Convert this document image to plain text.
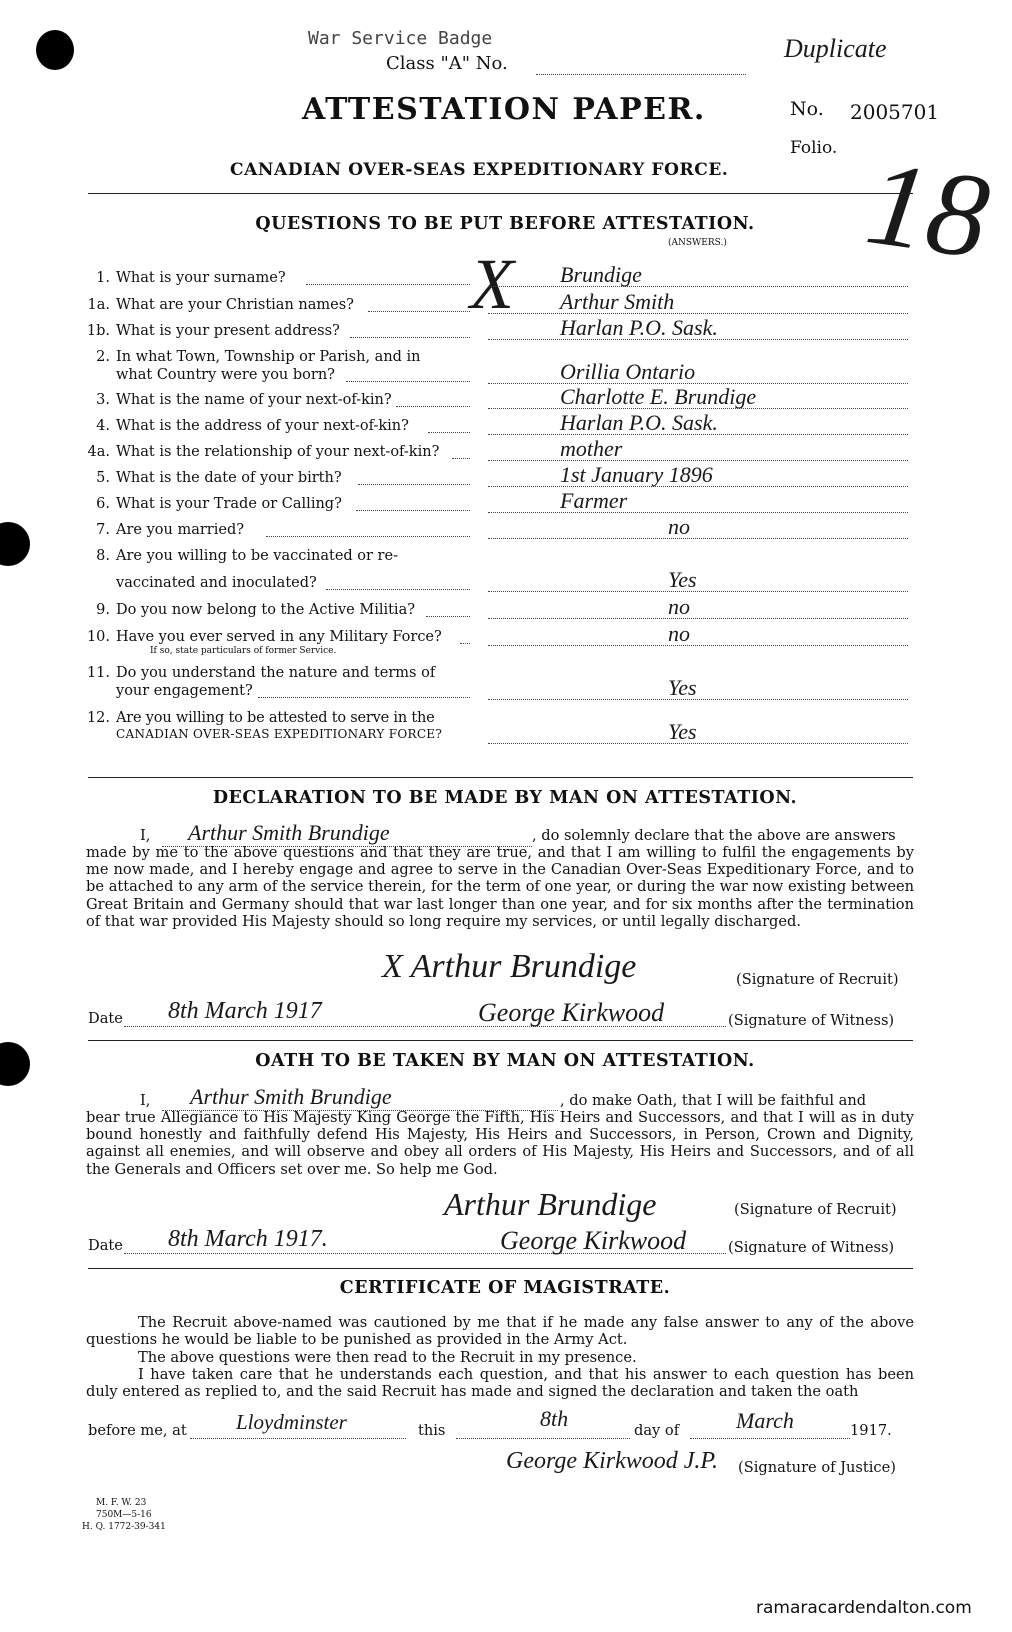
War Service Badge
Class "A" No.
Duplicate
18
ATTESTATION PAPER.	No. 2005701
Folio.
CANADIAN OVER-SEAS EXPEDITIONARY FORCE.
QUESTIONS TO BE PUT BEFORE ATTESTATION.
(ANSWERS.)
X
1. What is your surname?	Brundige
1a. What are your Christian names?	Arthur Smith
1b. What is your present address?	Harlan P.O. Sask.
2. In what Town, Township or Parish, and in
what Country were you born?	Orillia Ontario
3. What is the name of your next-of-kin?	Charlotte E. Brundige
4. What is the address of your next-of-kin?	Harlan P.O. Sask.
4a. What is the relationship of your next-of-kin?	mother
5. What is the date of your birth?	1st January 1896
6. What is your Trade or Calling?	Farmer
7. Are you married?	no
8. Are you willing to be vaccinated or re-
vaccinated and inoculated?	Yes
9. Do you now belong to the Active Militia?	no
10. Have you ever served in any Military Force?
If so, state particulars of former Service.
no
11. Do you understand the nature and terms of
your engagement?	Yes
12. Are you willing to be attested to serve in the
CANADIAN OVER-SEAS EXPEDITIONARY FORCE?	Yes
DECLARATION TO BE MADE BY MAN ON ATTESTATION.
I, Arthur Smith Brundige	, do solemnly declare that the above are answers
made by me to the above questions and that they are true, and that I am willing to fulfil the engagements by me now made, and I hereby engage and agree to serve in the Canadian Over-Seas Expeditionary Force, and to be attached to any arm of the service therein, for the term of one year, or during the war now existing between Great Britain and Germany should that war last longer than one year, and for six months after the termination of that war provided His Majesty should so long require my services, or until legally discharged.
X Arthur Brundige	(Signature of Recruit)
Date 8th March 1917	George Kirkwood	(Signature of Witness)
OATH TO BE TAKEN BY MAN ON ATTESTATION.
I, Arthur Smith Brundige	, do make Oath, that I will be faithful and
bear true Allegiance to His Majesty King George the Fifth, His Heirs and Successors, and that I will as in duty bound honestly and faithfully defend His Majesty, His Heirs and Successors, in Person, Crown and Dignity, against all enemies, and will observe and obey all orders of His Majesty, His Heirs and Successors, and of all the Generals and Officers set over me. So help me God.
Arthur Brundige	(Signature of Recruit)
Date 8th March 1917.	George Kirkwood	(Signature of Witness)
CERTIFICATE OF MAGISTRATE.
The Recruit above-named was cautioned by me that if he made any false answer to any of the above questions he would be liable to be punished as provided in the Army Act.
The above questions were then read to the Recruit in my presence.
I have taken care that he understands each question, and that his answer to each question has been duly entered as replied to, and the said Recruit has made and signed the declaration and taken the oath
before me, at Lloydminster	this	8th	day of	March	1917.
George Kirkwood J.P. (Signature of Justice)
M. F. W. 23
750M—5-16
H. Q. 1772-39-341
ramaracardendalton.com
